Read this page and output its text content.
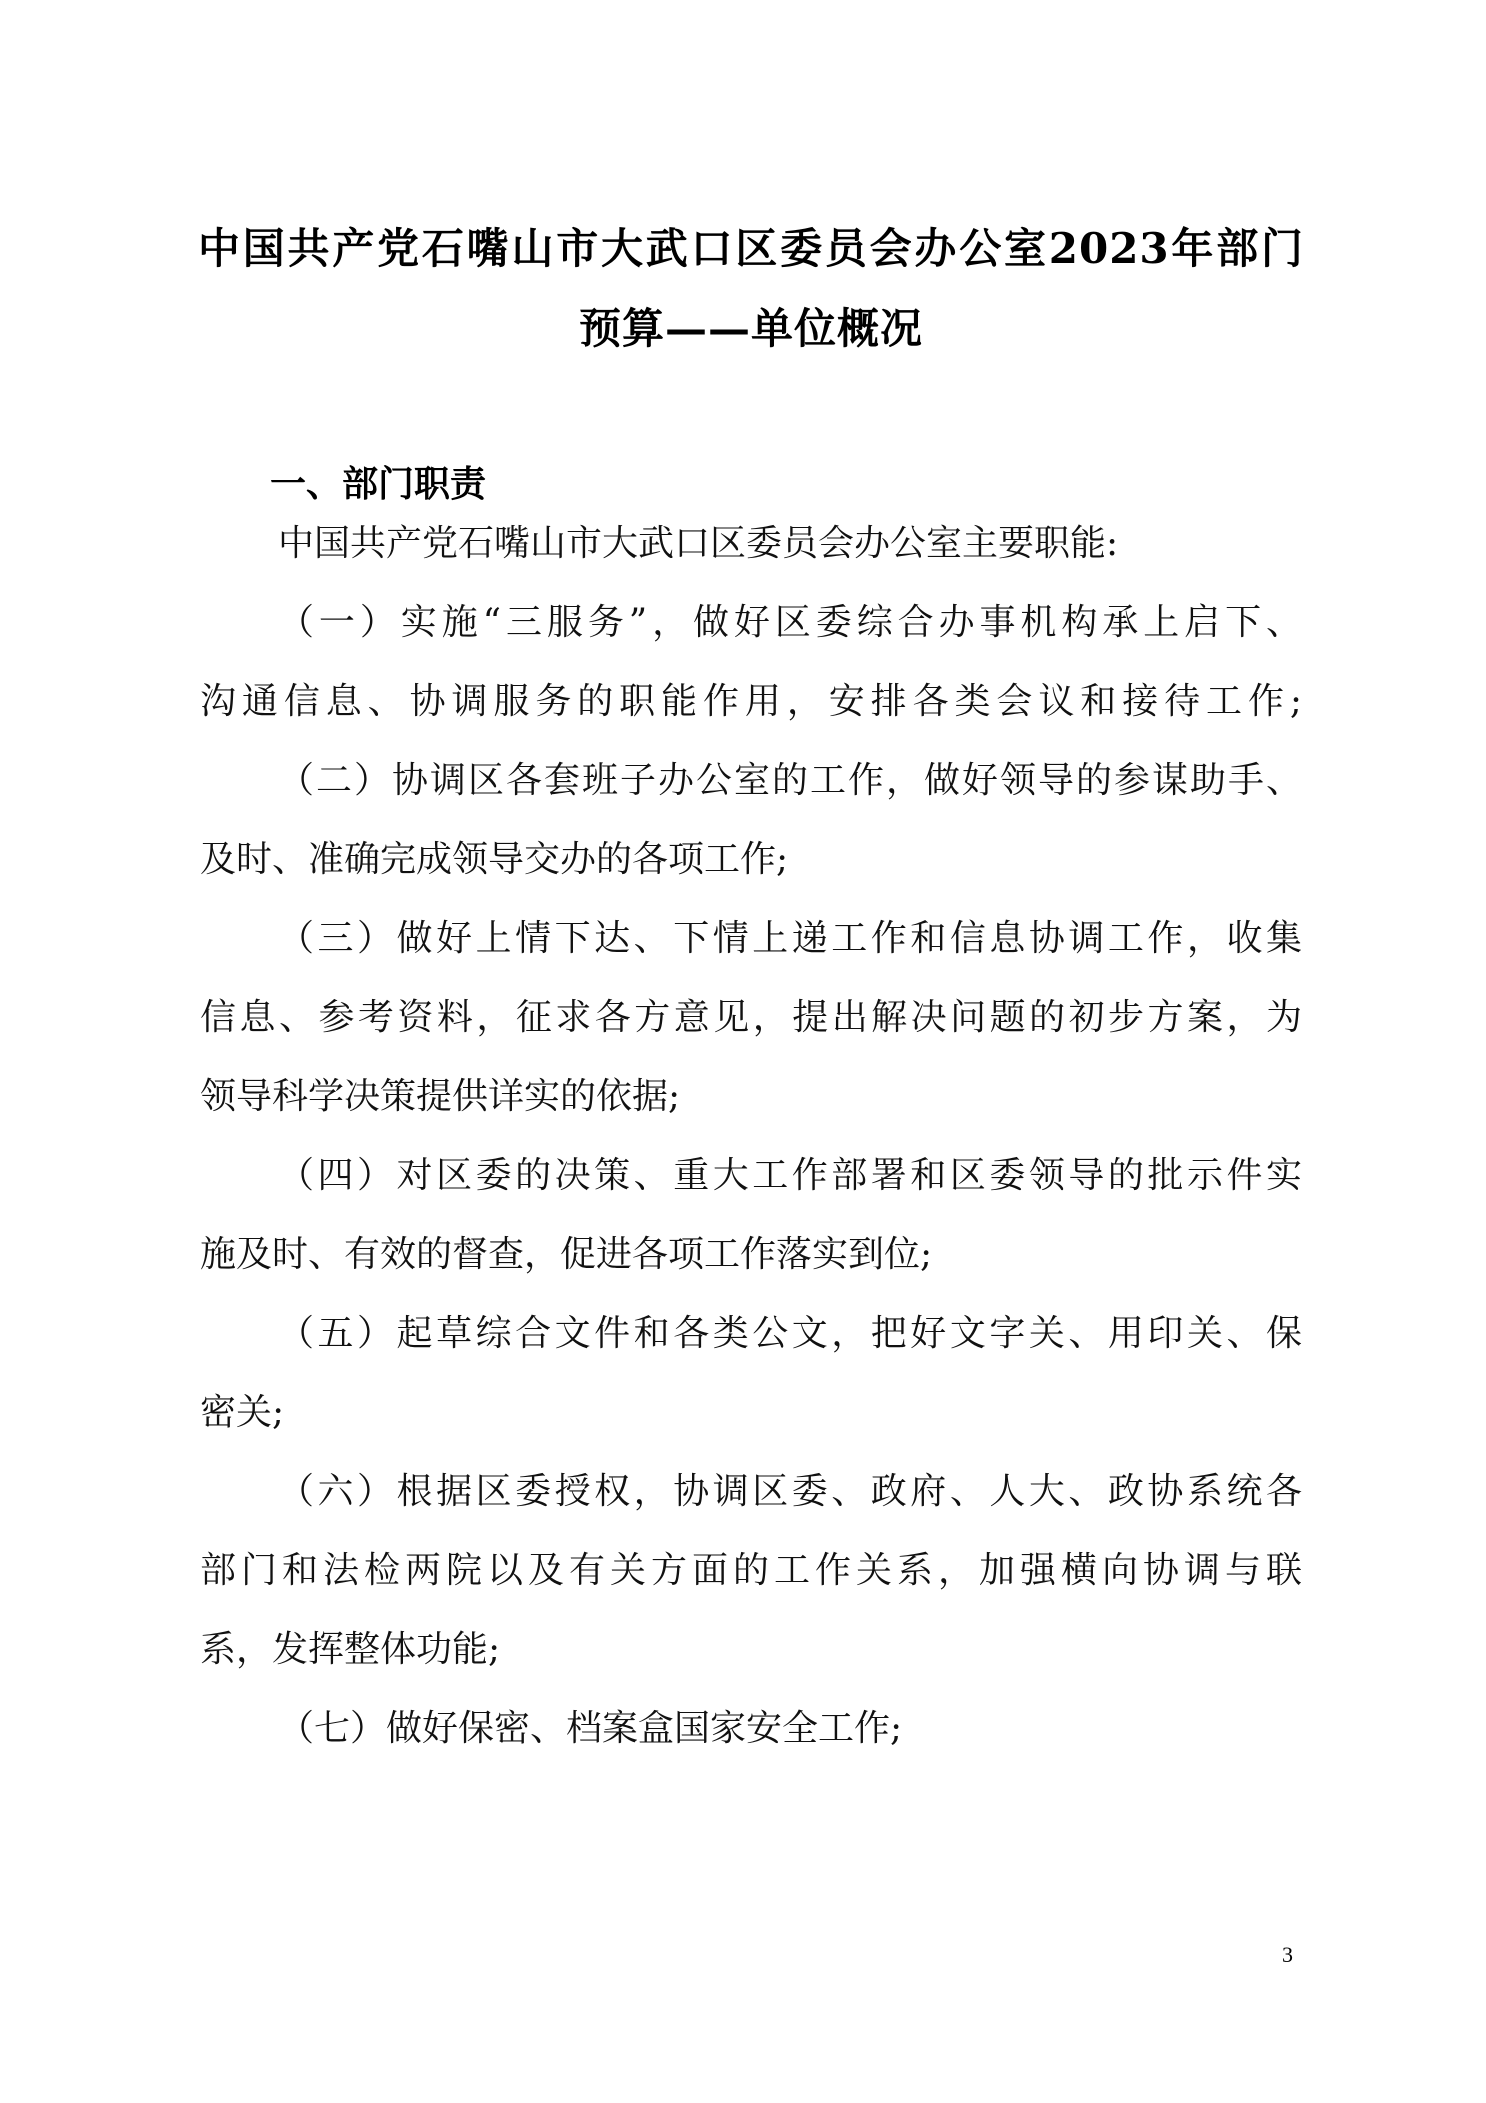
中国共产党石嘴山市大武口区委员会办公室2023年部门
预算——单位概况
一、部门职责
中国共产党石嘴山市大武口区委员会办公室主要职能:
（一）实施“三服务”，做好区委综合办事机构承上启下、
沟通信息、协调服务的职能作用，安排各类会议和接待工作;
（二）协调区各套班子办公室的工作，做好领导的参谋助手、
及时、准确完成领导交办的各项工作;
（三）做好上情下达、下情上递工作和信息协调工作，收集
信息、参考资料，征求各方意见，提出解决问题的初步方案，为
领导科学决策提供详实的依据;
（四）对区委的决策、重大工作部署和区委领导的批示件实
施及时、有效的督查，促进各项工作落实到位;
（五）起草综合文件和各类公文，把好文字关、用印关、保
密关;
（六）根据区委授权，协调区委、政府、人大、政协系统各
部门和法检两院以及有关方面的工作关系，加强横向协调与联
系，发挥整体功能;
（七）做好保密、档案盒国家安全工作;
3
